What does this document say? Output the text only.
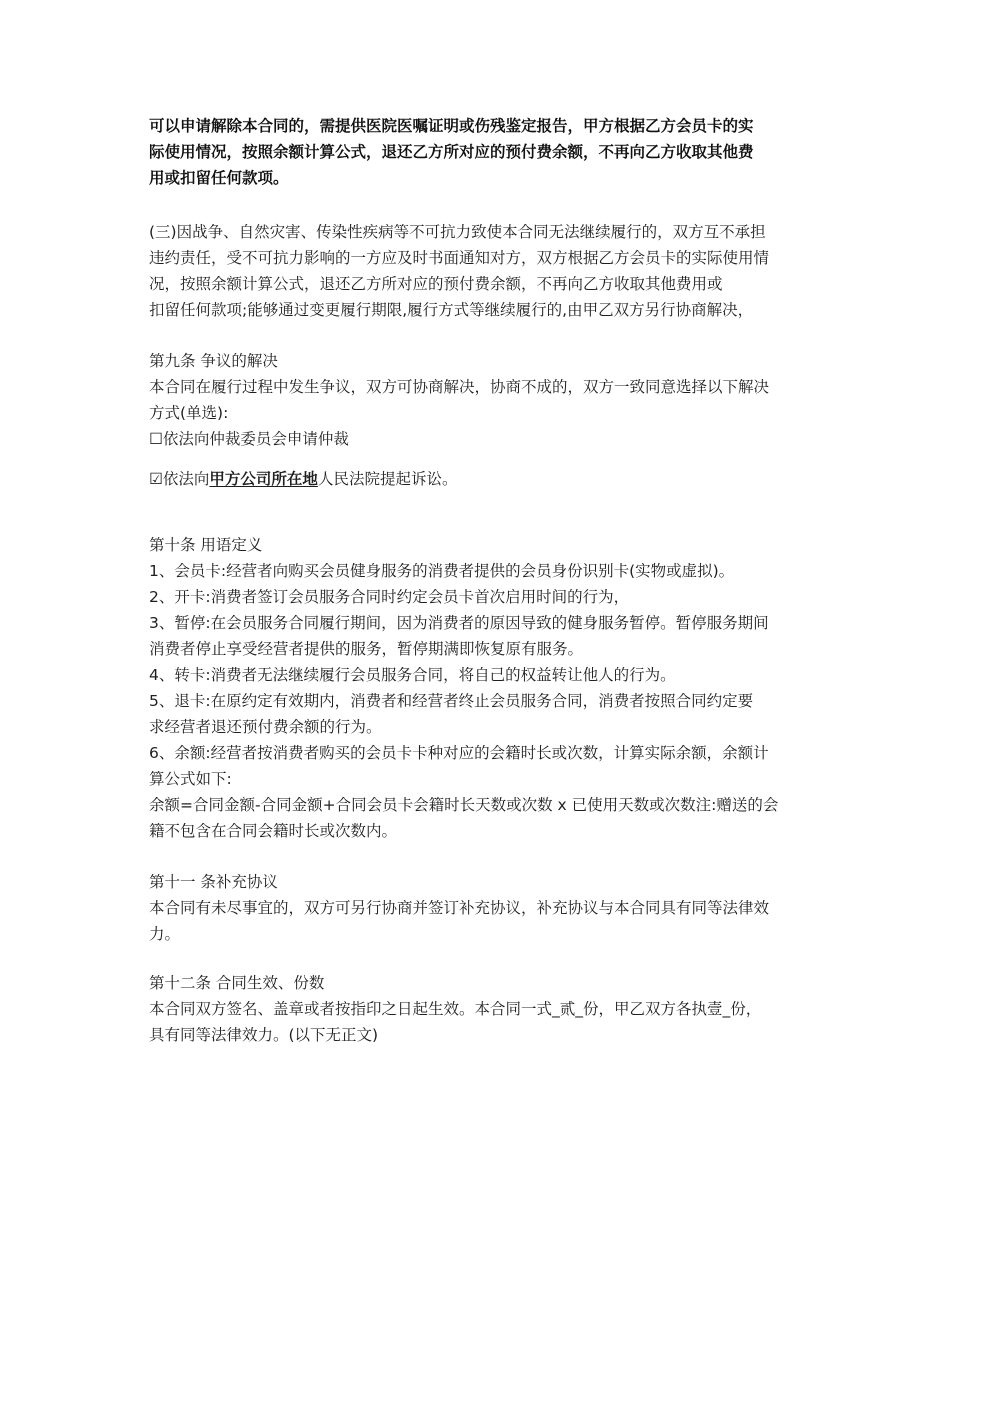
可以申请解除本合同的，需提供医院医嘱证明或伤残鉴定报告，甲方根据乙方会员卡的实
际使用情况，按照余额计算公式，退还乙方所对应的预付费余额，不再向乙方收取其他费
用或扣留任何款项。
(三)因战争、自然灾害、传染性疾病等不可抗力致使本合同无法继续履行的，双方互不承担
违约责任，受不可抗力影响的一方应及时书面通知对方，双方根据乙方会员卡的实际使用情
况，按照余额计算公式，退还乙方所对应的预付费余额，不再向乙方收取其他费用或
扣留任何款项;能够通过变更履行期限,履行方式等继续履行的,由甲乙双方另行协商解决，
第九条 争议的解决
本合同在履行过程中发生争议，双方可协商解决，协商不成的，双方一致同意选择以下解决
方式(单选):
☐依法向仲裁委员会申请仲裁
☑依法向甲方公司所在地人民法院提起诉讼。
第十条 用语定义
1、会员卡:经营者向购买会员健身服务的消费者提供的会员身份识别卡(实物或虚拟)。
2、开卡:消费者签订会员服务合同时约定会员卡首次启用时间的行为，
3、暂停:在会员服务合同履行期间，因为消费者的原因导致的健身服务暂停。暂停服务期间
消费者停止享受经营者提供的服务，暂停期满即恢复原有服务。
4、转卡:消费者无法继续履行会员服务合同，将自己的权益转让他人的行为。
5、退卡:在原约定有效期内，消费者和经营者终止会员服务合同，消费者按照合同约定要
求经营者退还预付费余额的行为。
6、余额:经营者按消费者购买的会员卡卡种对应的会籍时长或次数，计算实际余额，余额计
算公式如下:
余额=合同金额-合同金额+合同会员卡会籍时长天数或次数 x 已使用天数或次数注:赠送的会
籍不包含在合同会籍时长或次数内。
第十一 条补充协议
本合同有未尽事宜的，双方可另行协商并签订补充协议，补充协议与本合同具有同等法律效
力。
第十二条 合同生效、份数
本合同双方签名、盖章或者按指印之日起生效。本合同一式_贰_份，甲乙双方各执壹_份，
具有同等法律效力。(以下无正文)
